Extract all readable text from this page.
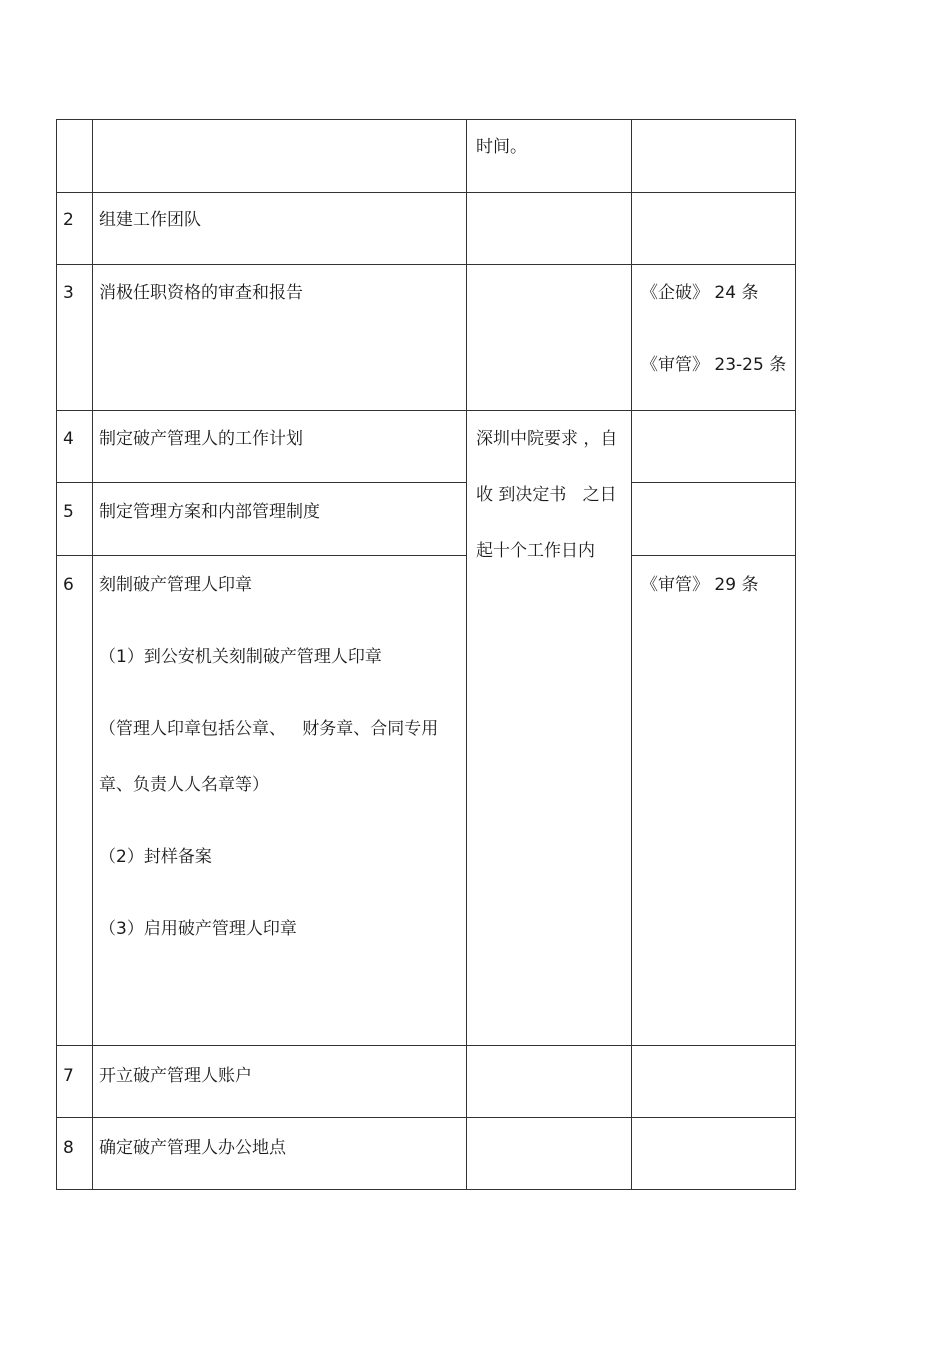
时间。
2 组建工作团队
3 消极任职资格的审查和报告	《企破》 24 条
《审管》 23-25 条
4 制定破产管理人的工作计划	深圳中院要求 ，自
收 到决定书   之日
起十个工作日内
5 制定管理方案和内部管理制度
6 刻制破产管理人印章
（1）到公安机关刻制破产管理人印章
（管理人印章包括公章、   财务章、合同专用
章、负责人人名章等）
（2）封样备案
（3）启用破产管理人印章
《审管》 29 条
7 开立破产管理人账户
8 确定破产管理人办公地点
